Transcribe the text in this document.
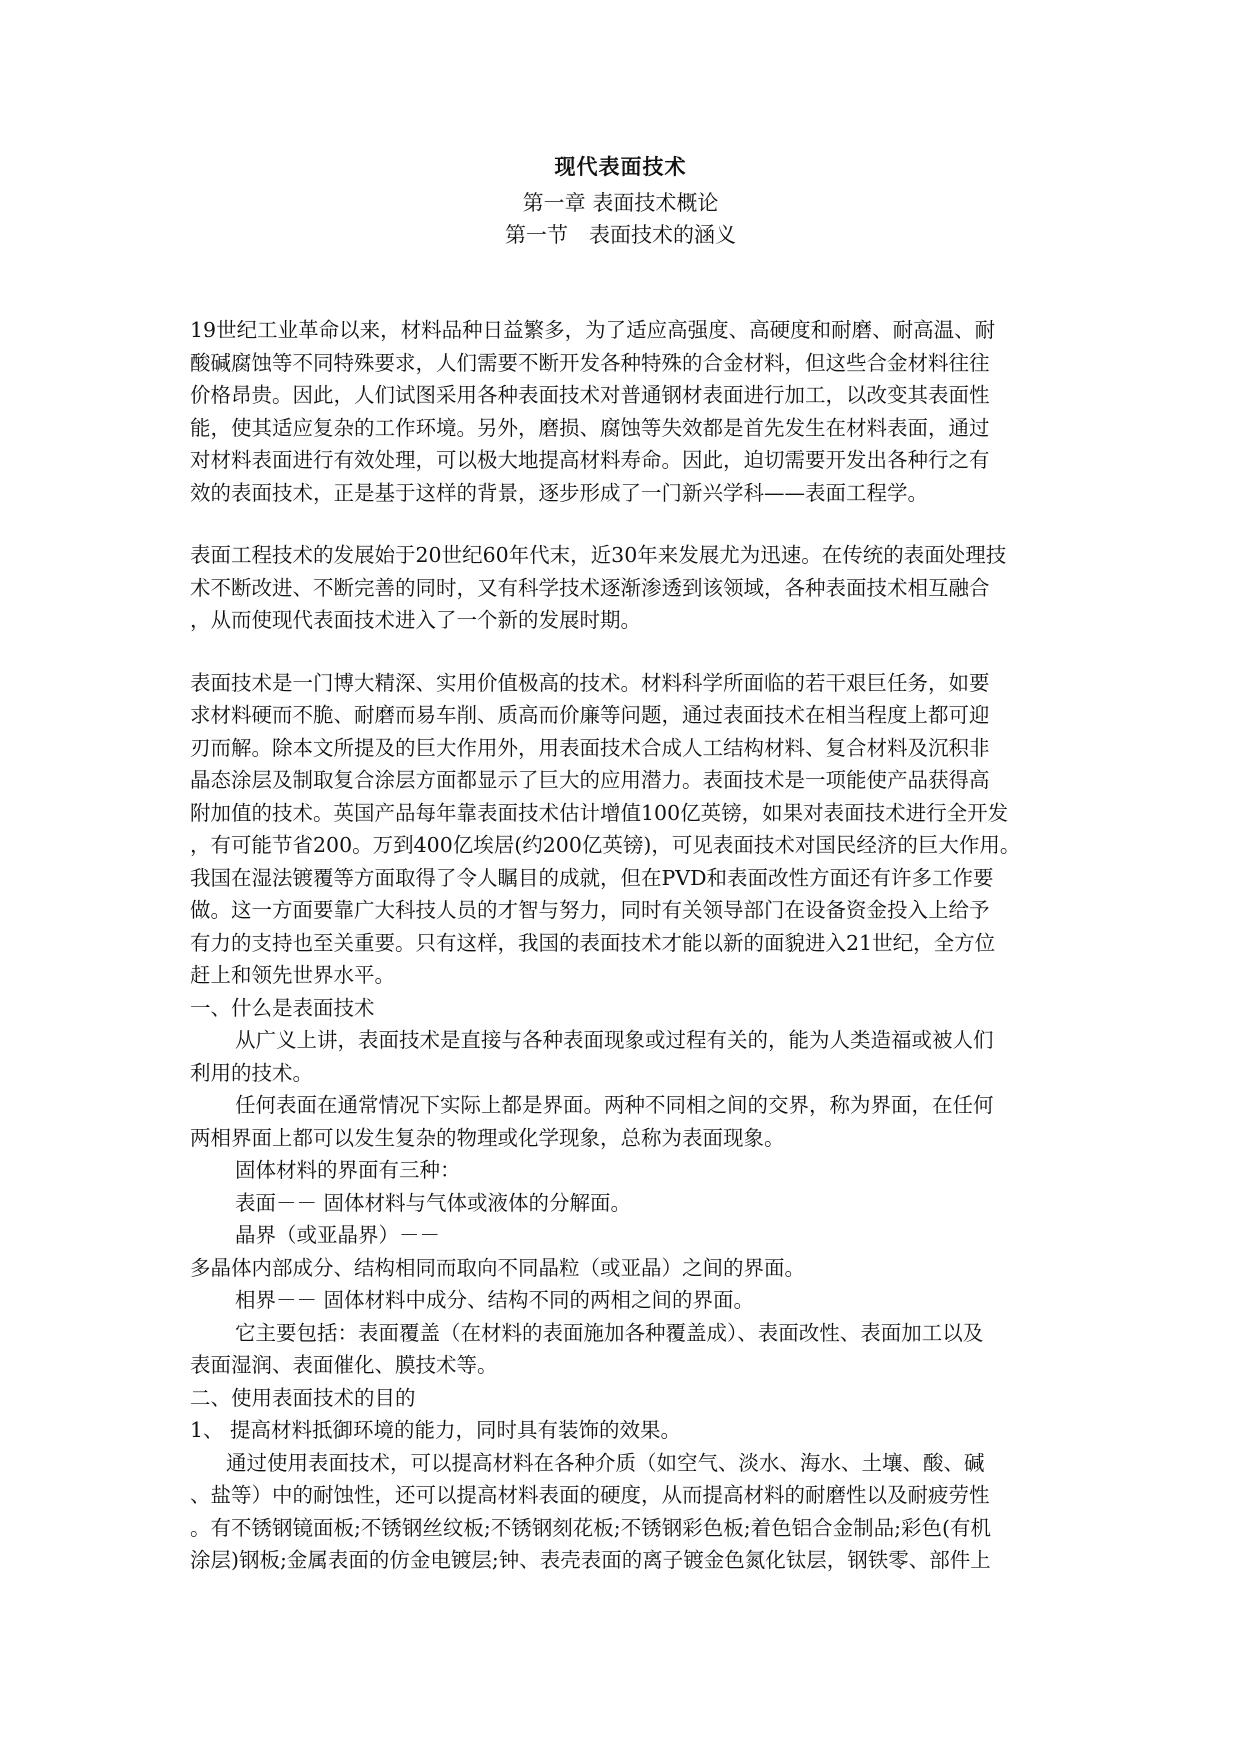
现代表面技术
第一章 表面技术概论
第一节　表面技术的涵义
19世纪工业革命以来，材料品种日益繁多，为了适应高强度、高硬度和耐磨、耐高温、耐
酸碱腐蚀等不同特殊要求，人们需要不断开发各种特殊的合金材料，但这些合金材料往往
价格昂贵。因此，人们试图采用各种表面技术对普通钢材表面进行加工，以改变其表面性
能，使其适应复杂的工作环境。另外，磨损、腐蚀等失效都是首先发生在材料表面，通过
对材料表面进行有效处理，可以极大地提高材料寿命。因此，迫切需要开发出各种行之有
效的表面技术，正是基于这样的背景，逐步形成了一门新兴学科——表面工程学。
表面工程技术的发展始于20世纪60年代末，近30年来发展尤为迅速。在传统的表面处理技
术不断改进、不断完善的同时，又有科学技术逐渐渗透到该领域，各种表面技术相互融合
，从而使现代表面技术进入了一个新的发展时期。
表面技术是一门博大精深、实用价值极高的技术。材料科学所面临的若干艰巨任务，如要
求材料硬而不脆、耐磨而易车削、质高而价廉等问题，通过表面技术在相当程度上都可迎
刃而解。除本文所提及的巨大作用外，用表面技术合成人工结构材料、复合材料及沉积非
晶态涂层及制取复合涂层方面都显示了巨大的应用潜力。表面技术是一项能使产品获得高
附加值的技术。英国产品每年靠表面技术估计增值100亿英镑，如果对表面技术进行全开发
，有可能节省200。万到400亿埃居(约200亿英镑)，可见表面技术对国民经济的巨大作用。
我国在湿法镀覆等方面取得了令人瞩目的成就，但在PVD和表面改性方面还有许多工作要
做。这一方面要靠广大科技人员的才智与努力，同时有关领导部门在设备资金投入上给予
有力的支持也至关重要。只有这样，我国的表面技术才能以新的面貌进入21世纪，全方位
赶上和领先世界水平。
一、什么是表面技术
从广义上讲，表面技术是直接与各种表面现象或过程有关的，能为人类造福或被人们
利用的技术。
任何表面在通常情况下实际上都是界面。两种不同相之间的交界，称为界面，在任何
两相界面上都可以发生复杂的物理或化学现象，总称为表面现象。
固体材料的界面有三种：
表面－－ 固体材料与气体或液体的分解面。
晶界（或亚晶界）－－
多晶体内部成分、结构相同而取向不同晶粒（或亚晶）之间的界面。
相界－－ 固体材料中成分、结构不同的两相之间的界面。
它主要包括：表面覆盖（在材料的表面施加各种覆盖成）、表面改性、表面加工以及
表面湿润、表面催化、膜技术等。
二、使用表面技术的目的
1、 提高材料抵御环境的能力，同时具有装饰的效果。
通过使用表面技术，可以提高材料在各种介质（如空气、淡水、海水、土壤、酸、碱
、盐等）中的耐蚀性，还可以提高材料表面的硬度，从而提高材料的耐磨性以及耐疲劳性
。有不锈钢镜面板;不锈钢丝纹板;不锈钢刻花板;不锈钢彩色板;着色铝合金制品;彩色(有机
涂层)钢板;金属表面的仿金电镀层;钟、表壳表面的离子镀金色氮化钛层，钢铁零、部件上
